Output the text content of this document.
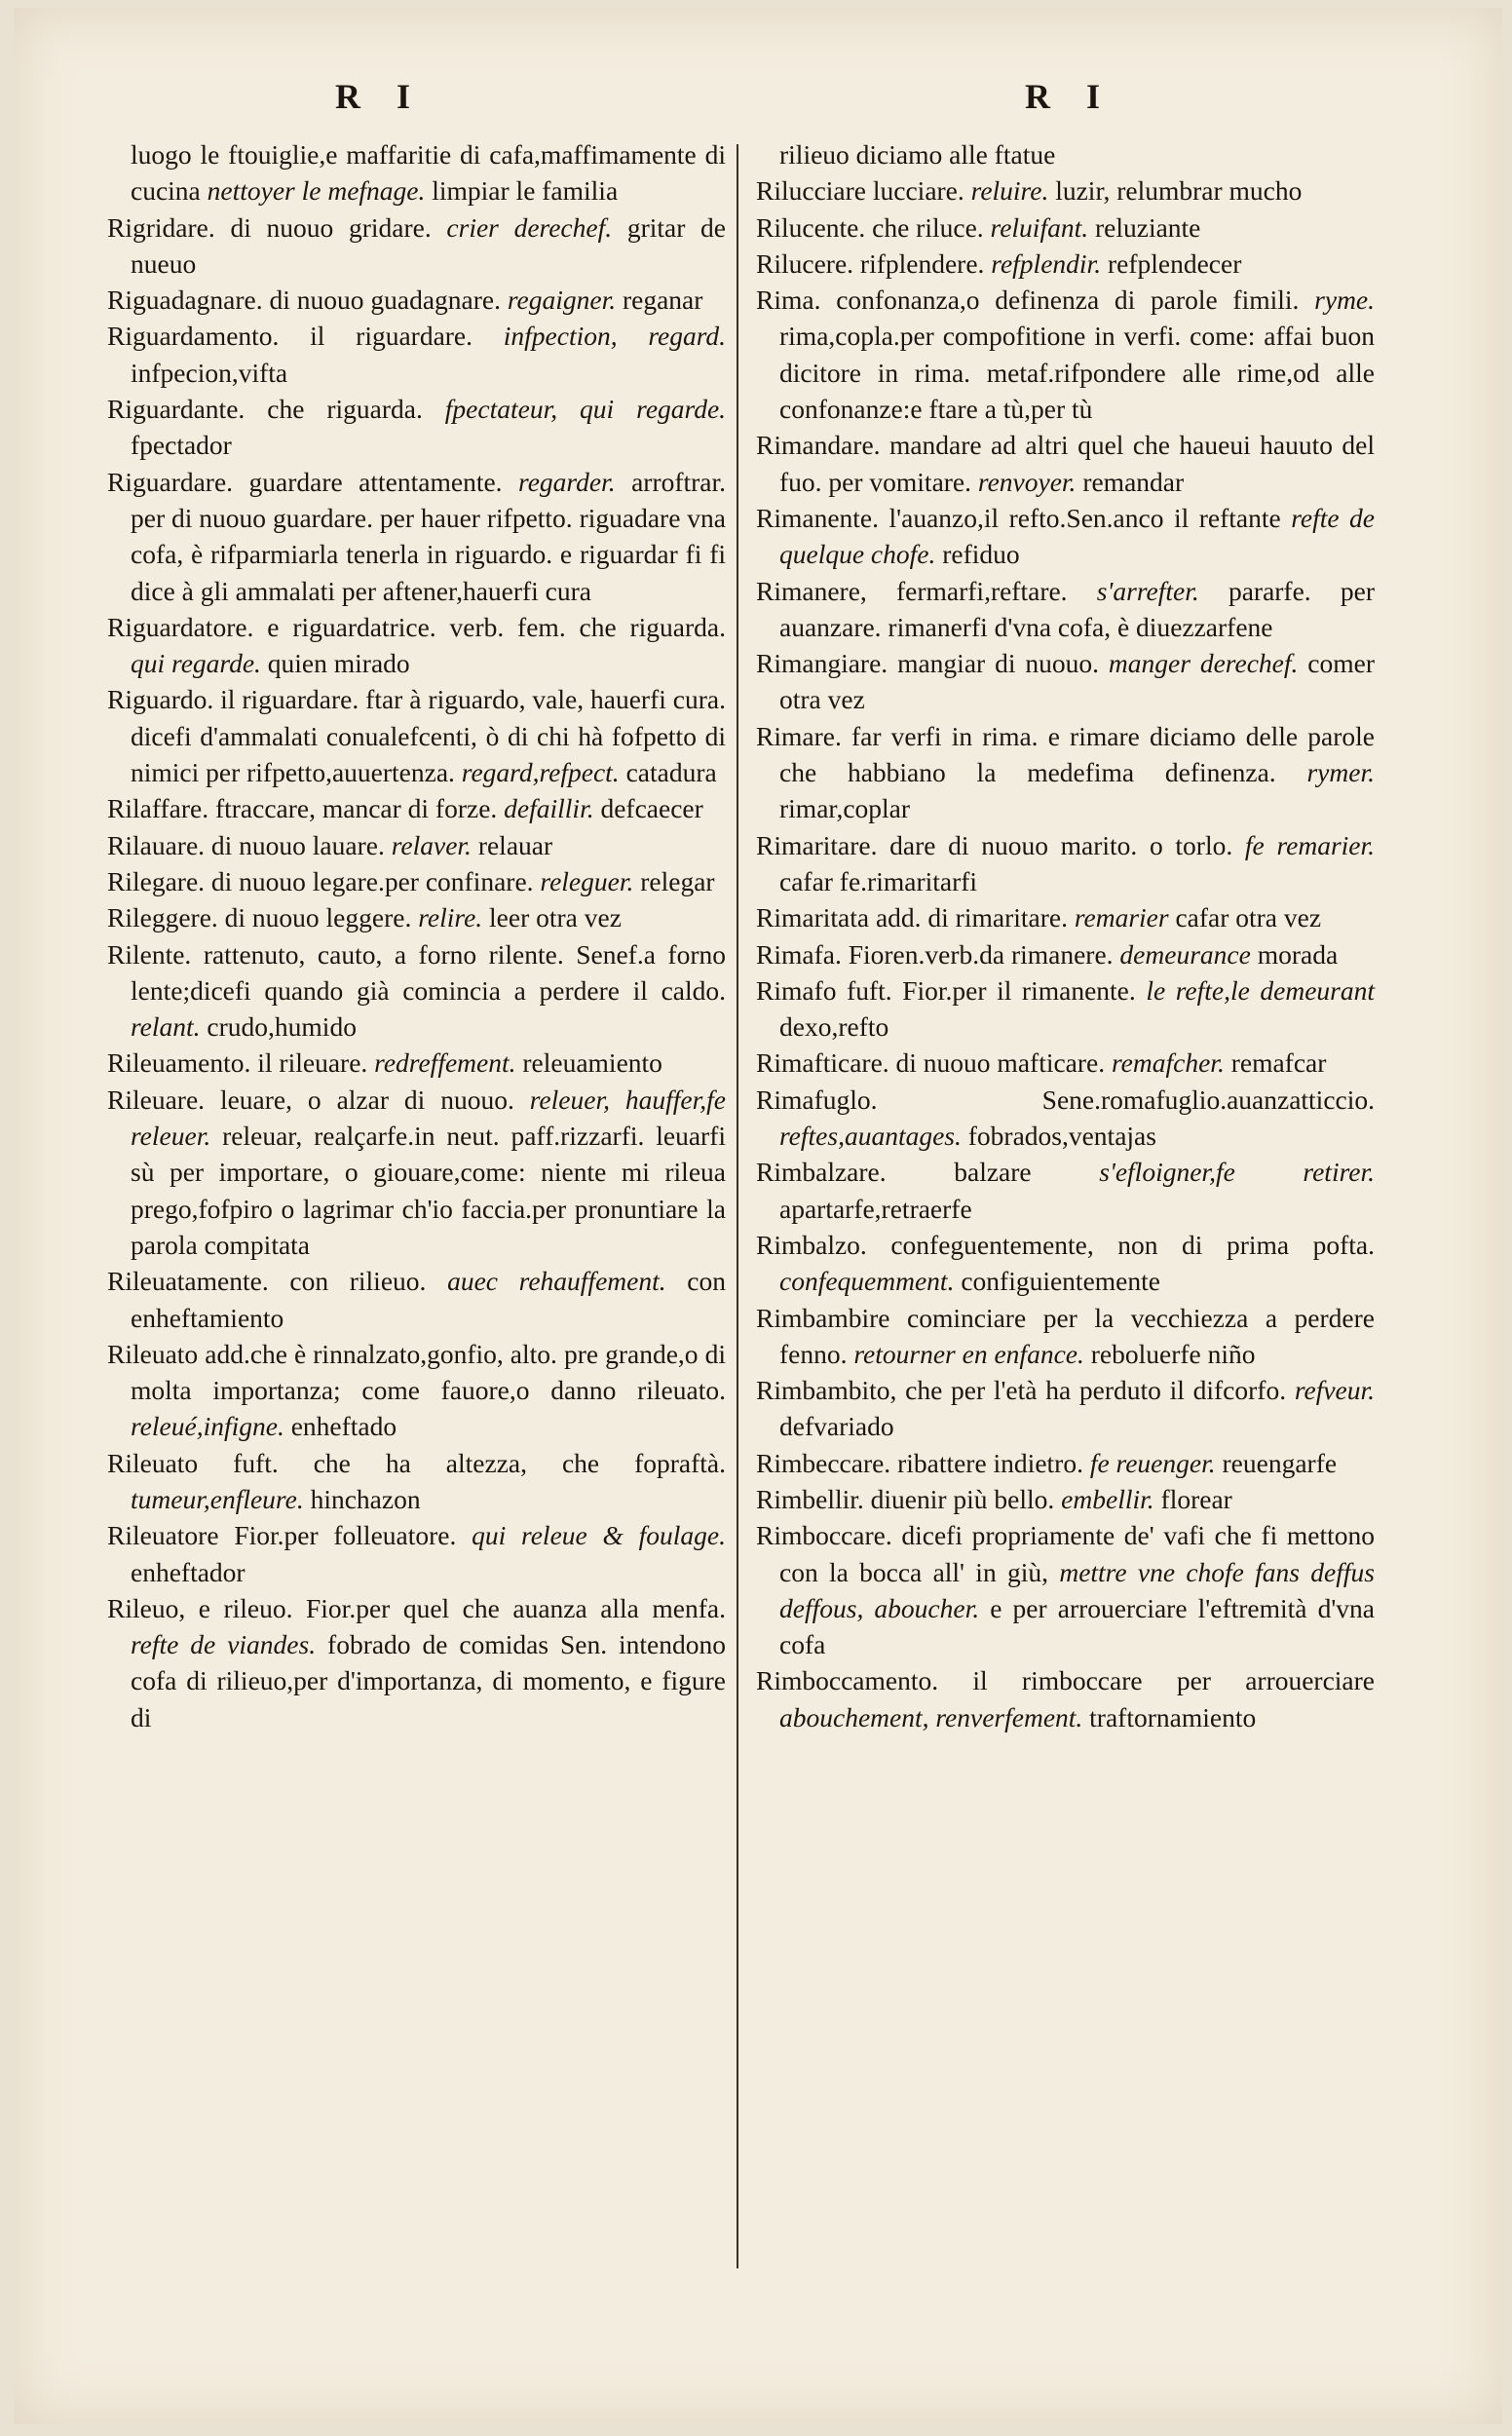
R I	R I

luogo le ftouiglie,e maffaritie di cafa,maffimamente di cucina nettoyer le mefnage. limpiar le familia

Rigridare. di nuouo gridare. crier derechef. gritar de nueuo

Riguadagnare. di nuouo guadagnare. regaigner. reganar

Riguardamento. il riguardare. infpection, regard. infpecion,vifta

Riguardante. che riguarda. fpectateur, qui regarde. fpectador

Riguardare. guardare attentamente. regarder. arroftrar. per di nuouo guardare. per hauer rifpetto. riguadare vna cofa, è rifparmiarla tenerla in riguardo. e riguardar fi fi dice à gli ammalati per aftener,hauerfi cura

Riguardatore. e riguardatrice. verb. fem. che riguarda. qui regarde. quien mirado

Riguardo. il riguardare. ftar à riguardo, vale, hauerfi cura. dicefi d'ammalati conualefcenti, ò di chi hà fofpetto di nimici per rifpetto,auuertenza. regard,refpect. catadura

Rilaffare. ftraccare, mancar di forze. defaillir. defcaecer

Rilauare. di nuouo lauare. relaver. relauar

Rilegare. di nuouo legare.per confinare. releguer. relegar

Rileggere. di nuouo leggere. relire. leer otra vez

Rilente. rattenuto, cauto, a forno rilente. Senef.a forno lente;dicefi quando già comincia a perdere il caldo. relant. crudo,humido

Rileuamento. il rileuare. redreffement. releuamiento

Rileuare. leuare, o alzar di nuouo. releuer, hauffer,fe releuer. releuar, realçarfe.in neut. paff.rizzarfi. leuarfi sù per importare, o giouare,come: niente mi rileua prego,fofpiro o lagrimar ch'io faccia.per pronuntiare la parola compitata

Rileuatamente. con rilieuo. auec rehauffement. con enheftamiento

Rileuato add.che è rinnalzato,gonfio, alto. pre grande,o di molta importanza; come fauore,o danno rileuato. releué,infigne. enheftado

Rileuato fuft. che ha altezza, che fopraftà. tumeur,enfleure. hinchazon

Rileuatore Fior.per folleuatore. qui releue & foulage. enheftador

Rileuo, e rileuo. Fior.per quel che auanza alla menfa. refte de viandes. fobrado de comidas Sen. intendono cofa di rilieuo,per d'importanza, di momento, e figure di

rilieuo diciamo alle ftatue

Rilucciare lucciare. reluire. luzir, relumbrar mucho

Rilucente. che riluce. reluifant. reluziante

Rilucere. rifplendere. refplendir. refplendecer

Rima. confonanza,o definenza di parole fimili. ryme. rima,copla.per compofitione in verfi. come: affai buon dicitore in rima. metaf.rifpondere alle rime,od alle confonanze:e ftare a tù,per tù

Rimandare. mandare ad altri quel che haueui hauuto del fuo. per vomitare. renvoyer. remandar

Rimanente. l'auanzo,il refto.Sen.anco il reftante refte de quelque chofe. refiduo

Rimanere, fermarfi,reftare. s'arrefter. pararfe. per auanzare. rimanerfi d'vna cofa, è diuezzarfene

Rimangiare. mangiar di nuouo. manger derechef. comer otra vez

Rimare. far verfi in rima. e rimare diciamo delle parole che habbiano la medefima definenza. rymer. rimar,coplar

Rimaritare. dare di nuouo marito. o torlo. fe remarier. cafar fe.rimaritarfi

Rimaritata add. di rimaritare. remarier cafar otra vez

Rimafa. Fioren.verb.da rimanere. demeurance morada

Rimafo fuft. Fior.per il rimanente. le refte,le demeurant dexo,refto

Rimafticare. di nuouo mafticare. remafcher. remafcar

Rimafuglo.	Sene.romafuglio.auanzatticcio. reftes,auantages. fobrados,ventajas

Rimbalzare.	balzare	s'efloigner,fe retirer. apartarfe,retraerfe

Rimbalzo. confeguentemente, non di prima pofta. confequemment. configuientemente

Rimbambire cominciare per la vecchiezza a perdere fenno. retourner en enfance. reboluerfe niño

Rimbambito, che per l'età ha perduto il difcorfo. refveur. defvariado

Rimbeccare. ribattere indietro. fe reuenger. reuengarfe

Rimbellir. diuenir più bello. embellir. florear

Rimboccare. dicefi propriamente de' vafi che fi mettono con la bocca all' in giù, mettre vne chofe fans deffus deffous, aboucher. e per arrouerciare l'eftremità d'vna cofa

Rimboccamento. il rimboccare per arrouerciare abouchement, renverfement. traftornamiento
